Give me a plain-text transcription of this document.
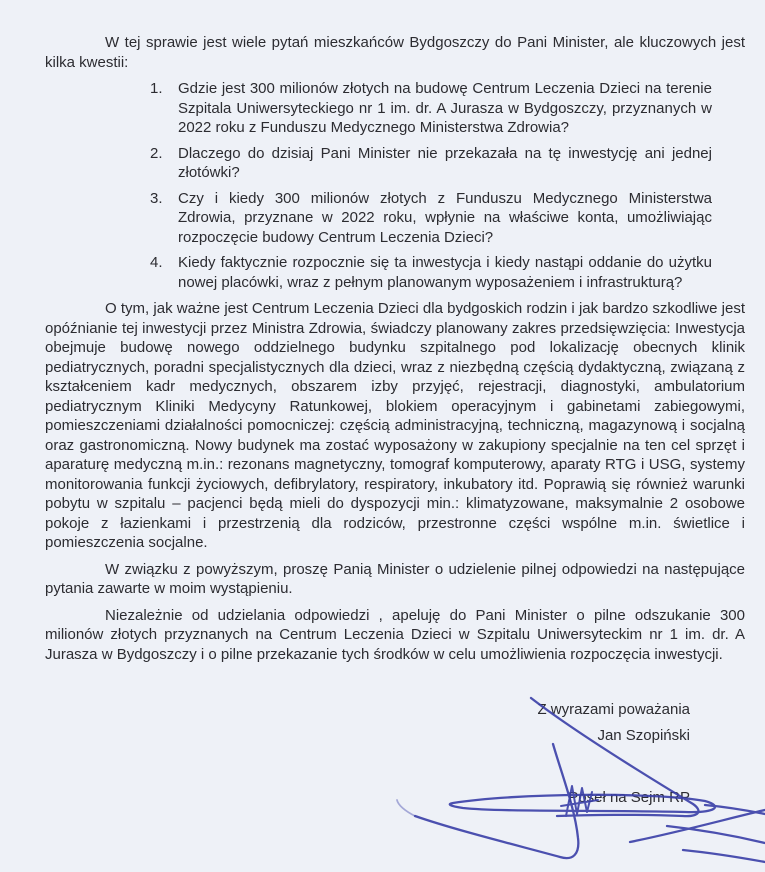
W tej sprawie jest wiele pytań mieszkańców Bydgoszczy do Pani Minister, ale kluczowych jest kilka kwestii:

1.	Gdzie jest 300 milionów złotych na budowę Centrum Leczenia Dzieci na terenie Szpitala Uniwersyteckiego nr 1 im. dr. A Jurasza w Bydgoszczy, przyznanych w 2022 roku z Funduszu Medycznego Ministerstwa Zdrowia?
2.	Dlaczego do dzisiaj Pani Minister nie przekazała na tę inwestycję ani jednej złotówki?
3.	Czy i kiedy 300 milionów złotych z Funduszu Medycznego Ministerstwa Zdrowia, przyznane w 2022 roku, wpłynie na właściwe konta, umożliwiając rozpoczęcie budowy Centrum Leczenia Dzieci?
4.	Kiedy faktycznie rozpocznie się ta inwestycja i kiedy nastąpi oddanie do użytku nowej placówki, wraz z pełnym planowanym wyposażeniem i infrastrukturą?

O tym, jak ważne jest Centrum Leczenia Dzieci dla bydgoskich rodzin i jak bardzo szkodliwe jest opóźnianie tej inwestycji przez Ministra Zdrowia, świadczy planowany zakres przedsięwzięcia: Inwestycja obejmuje budowę nowego oddzielnego budynku szpitalnego pod lokalizację obecnych klinik pediatrycznych, poradni specjalistycznych dla dzieci, wraz z niezbędną częścią dydaktyczną, związaną z kształceniem kadr medycznych, obszarem izby przyjęć, rejestracji, diagnostyki, ambulatorium pediatrycznym Kliniki Medycyny Ratunkowej, blokiem operacyjnym i gabinetami zabiegowymi, pomieszczeniami działalności pomocniczej: częścią administracyjną, techniczną, magazynową i socjalną oraz gastronomiczną. Nowy budynek ma zostać wyposażony w zakupiony specjalnie na ten cel sprzęt i aparaturę medyczną m.in.: rezonans magnetyczny, tomograf komputerowy, aparaty RTG i USG, systemy monitorowania funkcji życiowych, defibrylatory, respiratory, inkubatory itd. Poprawią się również warunki pobytu w szpitalu – pacjenci będą mieli do dyspozycji min.: klimatyzowane, maksymalnie 2 osobowe pokoje z łazienkami i przestrzenią dla rodziców, przestronne części wspólne m.in. świetlice i pomieszczenia socjalne.

W związku z powyższym, proszę Panią Minister o udzielenie pilnej odpowiedzi na następujące pytania zawarte w moim wystąpieniu.

Niezależnie od udzielania odpowiedzi , apeluję do Pani Minister o pilne odszukanie 300 milionów złotych przyznanych na Centrum Leczenia Dzieci w Szpitalu Uniwersyteckim nr 1 im. dr. A Jurasza w Bydgoszczy i o pilne przekazanie tych środków w celu umożliwienia rozpoczęcia inwestycji.

Z wyrazami poważania

Jan Szopiński

Poseł na Sejm RP
